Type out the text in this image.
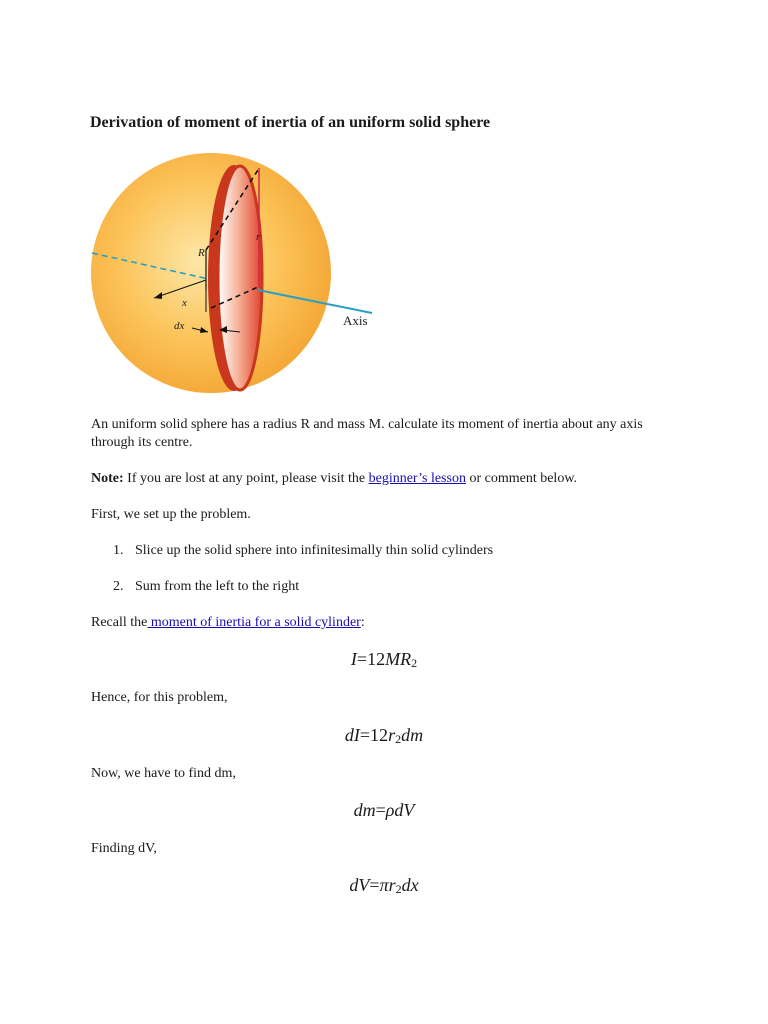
Derivation of moment of inertia of an uniform solid sphere
R
r
x
dx	Axis
An uniform solid sphere has a radius R and mass M. calculate its moment of inertia about any axis through its centre.
Note: If you are lost at any point, please visit the beginner’s lesson or comment below.
First, we set up the problem.
1. Slice up the solid sphere into infinitesimally thin solid cylinders
2. Sum from the left to the right
Recall the moment of inertia for a solid cylinder:
I=12MR2
Hence, for this problem,
dI=12r2dm
Now, we have to find dm,
dm=ρdV
Finding dV,
dV=πr2dx
